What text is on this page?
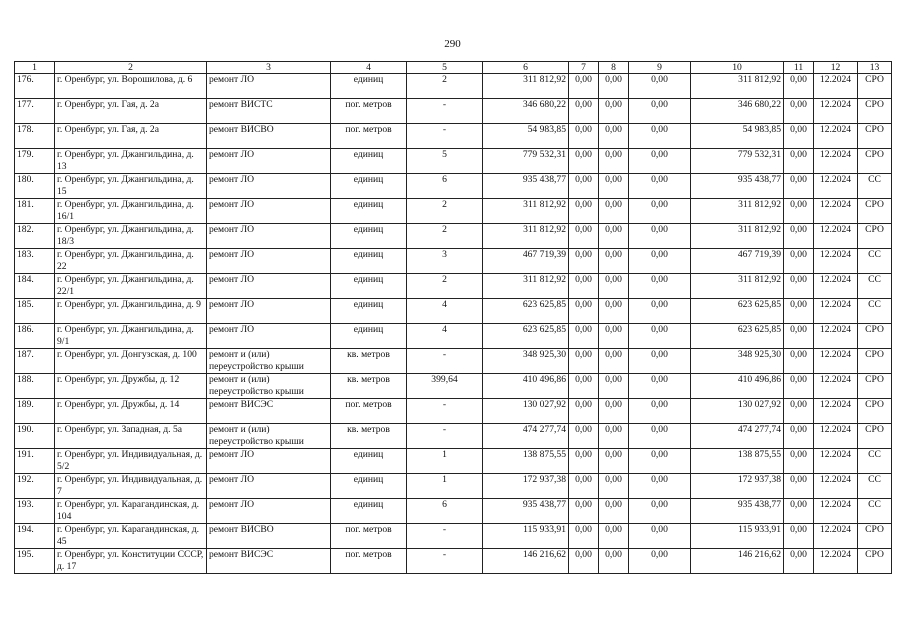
290
1	2	3	4	5	6	7	8	9	10	11	12	13
176.	г. Оренбург, ул. Ворошилова, д. 6	ремонт ЛО	единиц	2	311 812,92	0,00	0,00	0,00	311 812,92	0,00	12.2024	СРО
177.	г. Оренбург, ул. Гая, д. 2а	ремонт ВИСТС	пог. метров	-	346 680,22	0,00	0,00	0,00	346 680,22	0,00	12.2024	СРО
178.	г. Оренбург, ул. Гая, д. 2а	ремонт ВИСВО	пог. метров	-	54 983,85	0,00	0,00	0,00	54 983,85	0,00	12.2024	СРО
179.	г. Оренбург, ул. Джангильдина, д. 13	ремонт ЛО	единиц	5	779 532,31	0,00	0,00	0,00	779 532,31	0,00	12.2024	СРО
180.	г. Оренбург, ул. Джангильдина, д. 15	ремонт ЛО	единиц	6	935 438,77	0,00	0,00	0,00	935 438,77	0,00	12.2024	СС
181.	г. Оренбург, ул. Джангильдина, д. 16/1	ремонт ЛО	единиц	2	311 812,92	0,00	0,00	0,00	311 812,92	0,00	12.2024	СРО
182.	г. Оренбург, ул. Джангильдина, д. 18/3	ремонт ЛО	единиц	2	311 812,92	0,00	0,00	0,00	311 812,92	0,00	12.2024	СРО
183.	г. Оренбург, ул. Джангильдина, д. 22	ремонт ЛО	единиц	3	467 719,39	0,00	0,00	0,00	467 719,39	0,00	12.2024	СС
184.	г. Оренбург, ул. Джангильдина, д. 22/1	ремонт ЛО	единиц	2	311 812,92	0,00	0,00	0,00	311 812,92	0,00	12.2024	СС
185.	г. Оренбург, ул. Джангильдина, д. 9	ремонт ЛО	единиц	4	623 625,85	0,00	0,00	0,00	623 625,85	0,00	12.2024	СС
186.	г. Оренбург, ул. Джангильдина, д. 9/1	ремонт ЛО	единиц	4	623 625,85	0,00	0,00	0,00	623 625,85	0,00	12.2024	СРО
187.	г. Оренбург, ул. Донгузская, д. 100	ремонт и (или) переустройство крыши	кв. метров	-	348 925,30	0,00	0,00	0,00	348 925,30	0,00	12.2024	СРО
188.	г. Оренбург, ул. Дружбы, д. 12	ремонт и (или) переустройство крыши	кв. метров	399,64	410 496,86	0,00	0,00	0,00	410 496,86	0,00	12.2024	СРО
189.	г. Оренбург, ул. Дружбы, д. 14	ремонт ВИСЭС	пог. метров	-	130 027,92	0,00	0,00	0,00	130 027,92	0,00	12.2024	СРО
190.	г. Оренбург, ул. Западная, д. 5а	ремонт и (или) переустройство крыши	кв. метров	-	474 277,74	0,00	0,00	0,00	474 277,74	0,00	12.2024	СРО
191.	г. Оренбург, ул. Индивидуальная, д. 5/2	ремонт ЛО	единиц	1	138 875,55	0,00	0,00	0,00	138 875,55	0,00	12.2024	СС
192.	г. Оренбург, ул. Индивидуальная, д. 7	ремонт ЛО	единиц	1	172 937,38	0,00	0,00	0,00	172 937,38	0,00	12.2024	СС
193.	г. Оренбург, ул. Карагандинская, д. 104	ремонт ЛО	единиц	6	935 438,77	0,00	0,00	0,00	935 438,77	0,00	12.2024	СС
194.	г. Оренбург, ул. Карагандинская, д. 45	ремонт ВИСВО	пог. метров	-	115 933,91	0,00	0,00	0,00	115 933,91	0,00	12.2024	СРО
195.	г. Оренбург, ул. Конституции СССР, д. 17	ремонт ВИСЭС	пог. метров	-	146 216,62	0,00	0,00	0,00	146 216,62	0,00	12.2024	СРО
